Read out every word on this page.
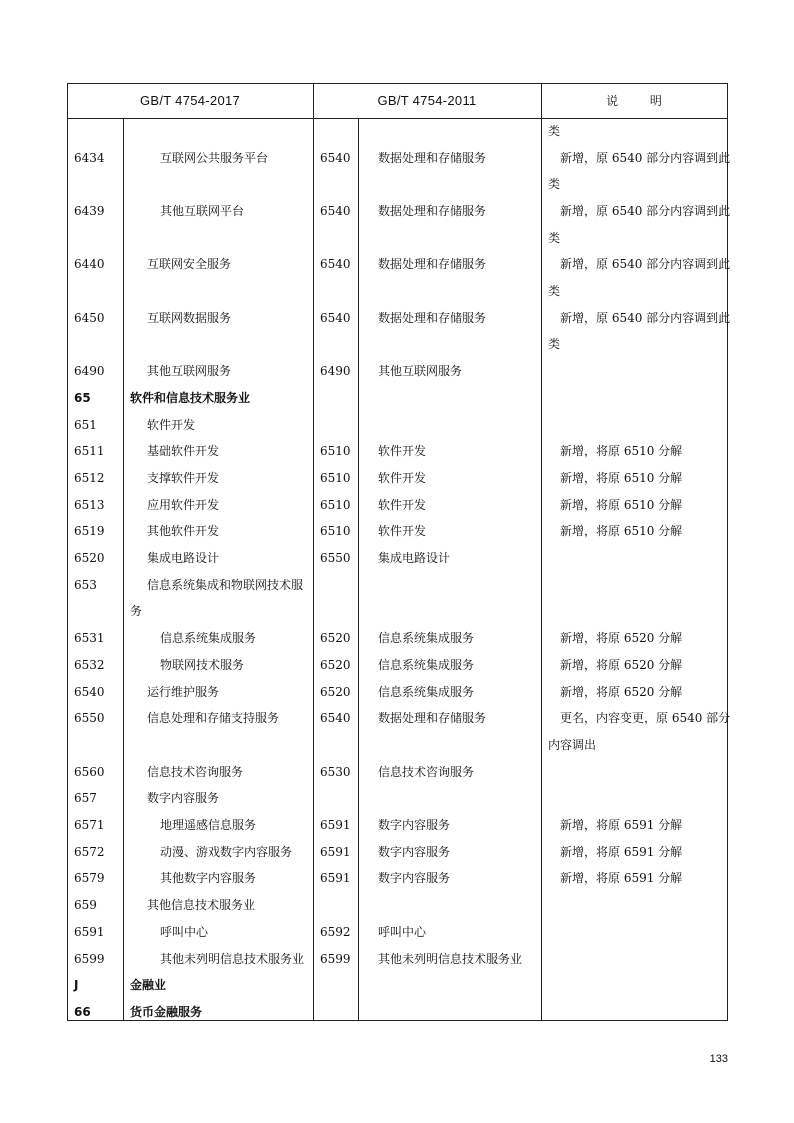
GB/T 4754-2017	GB/T 4754-2011	说 明
类
6434	互联网公共服务平台	6540 数据处理和存储服务	新增，原 6540 部分内容调到此
类
6439	其他互联网平台	6540 数据处理和存储服务	新增，原 6540 部分内容调到此
类
6440	互联网安全服务	6540 数据处理和存储服务	新增，原 6540 部分内容调到此
类
6450	互联网数据服务	6540 数据处理和存储服务	新增，原 6540 部分内容调到此
类
6490	其他互联网服务	6490 其他互联网服务
65	软件和信息技术服务业
651	软件开发
6511	基础软件开发	6510 软件开发	新增，将原 6510 分解
6512	支撑软件开发	6510 软件开发	新增，将原 6510 分解
6513	应用软件开发	6510 软件开发	新增，将原 6510 分解
6519	其他软件开发	6510 软件开发	新增，将原 6510 分解
6520	集成电路设计	6550 集成电路设计
653	信息系统集成和物联网技术服
务
6531	信息系统集成服务	6520 信息系统集成服务	新增，将原 6520 分解
6532	物联网技术服务	6520 信息系统集成服务	新增，将原 6520 分解
6540	运行维护服务	6520 信息系统集成服务	新增，将原 6520 分解
6550	信息处理和存储支持服务	6540 数据处理和存储服务	更名，内容变更，原 6540 部分
内容调出
6560	信息技术咨询服务	6530 信息技术咨询服务
657	数字内容服务
6571	地理遥感信息服务	6591 数字内容服务	新增，将原 6591 分解
6572	动漫、游戏数字内容服务 6591 数字内容服务	新增，将原 6591 分解
6579	其他数字内容服务	6591 数字内容服务	新增，将原 6591 分解
659	其他信息技术服务业
6591	呼叫中心	6592 呼叫中心
6599	其他未列明信息技术服务业 6599 其他未列明信息技术服务业
J	金融业
66	货币金融服务
133
